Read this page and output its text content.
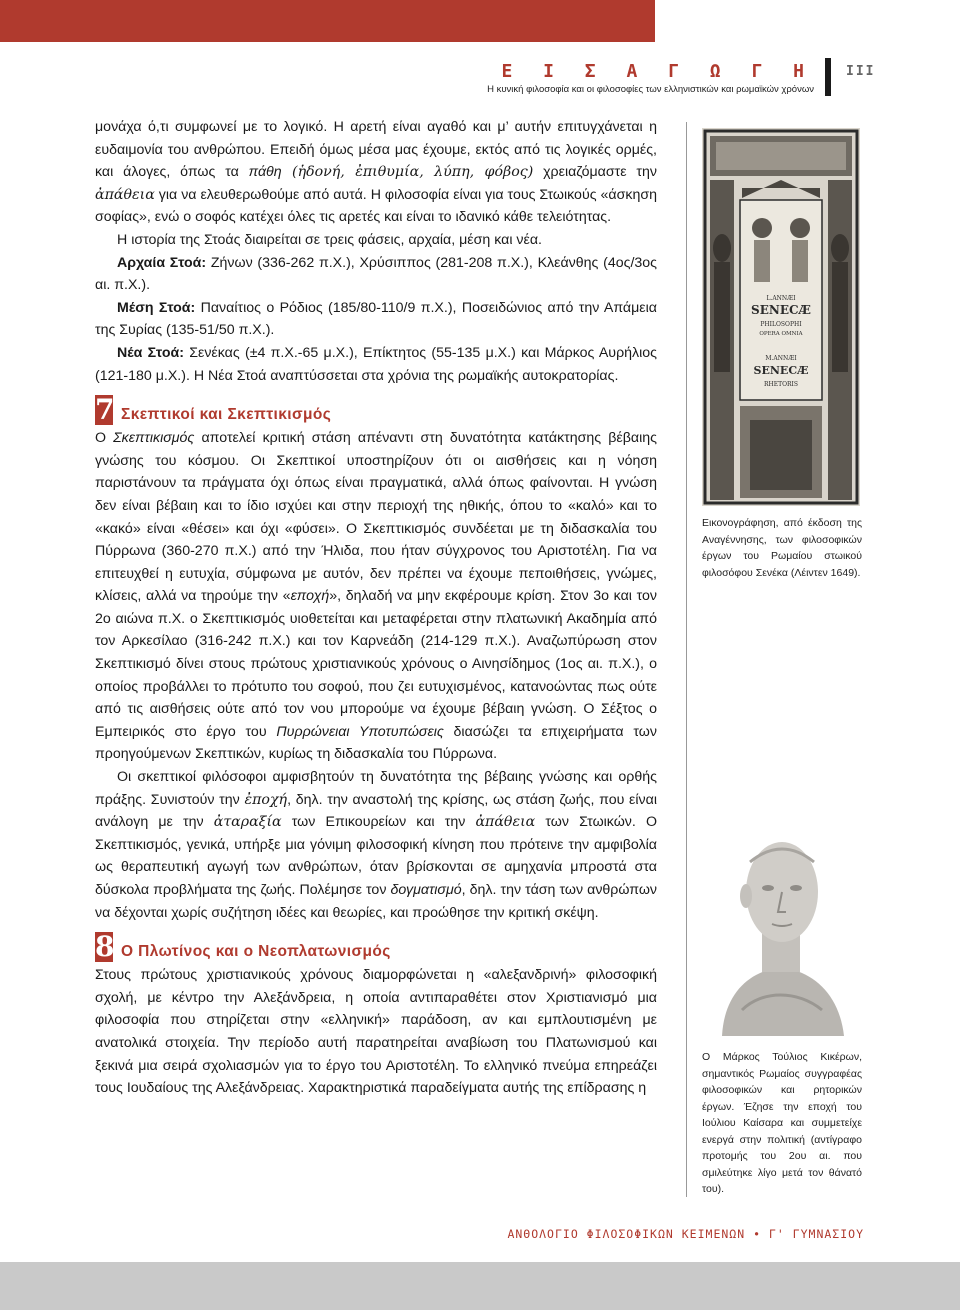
Ε Ι Σ Α Γ Ω Γ Η
Η κυνική φιλοσοφία και οι φιλοσοφίες των ελληνιστικών και ρωμαϊκών χρόνων
III

μονάχα ό,τι συμφωνεί με το λογικό. Η αρετή είναι αγαθό και μ’ αυτήν επιτυγχάνεται η ευδαιμονία του ανθρώπου. Επειδή όμως μέσα μας έχουμε, εκτός από τις λογικές ορμές, και άλογες, όπως τα πάθη (ἡδονή, ἐπιθυμία, λύπη, φόβος) χρειαζόμαστε την ἀπάθεια για να ελευθερωθούμε από αυτά. Η φιλοσοφία είναι για τους Στωικούς «άσκηση σοφίας», ενώ ο σοφός κατέχει όλες τις αρετές και είναι το ιδανικό κάθε τελειότητας.

Η ιστορία της Στοάς διαιρείται σε τρεις φάσεις, αρχαία, μέση και νέα.

Αρχαία Στοά: Ζήνων (336-262 π.Χ.), Χρύσιππος (281-208 π.Χ.), Κλεάνθης (4ος/3ος αι. π.Χ.).

Μέση Στοά: Παναίτιος ο Ρόδιος (185/80-110/9 π.Χ.), Ποσειδώνιος από την Απάμεια της Συρίας (135-51/50 π.Χ.).

Νέα Στοά: Σενέκας (±4 π.Χ.-65 μ.Χ.), Επίκτητος (55-135 μ.Χ.) και Μάρκος Αυρήλιος (121-180 μ.Χ.). Η Νέα Στοά αναπτύσσεται στα χρόνια της ρωμαϊκής αυτοκρατορίας.

7 Σκεπτικοί και Σκεπτικισμός

Ο Σκεπτικισμός αποτελεί κριτική στάση απέναντι στη δυνατότητα κατάκτησης βέβαιης γνώσης του κόσμου. Οι Σκεπτικοί υποστηρίζουν ότι οι αισθήσεις και η νόηση παριστάνουν τα πράγματα όχι όπως είναι πραγματικά, αλλά όπως φαίνονται. Η γνώση δεν είναι βέβαιη και το ίδιο ισχύει και στην περιοχή της ηθικής, όπου το «καλό» και το «κακό» είναι «θέσει» και όχι «φύσει». Ο Σκεπτικισμός συνδέεται με τη διδασκαλία του Πύρρωνα (360-270 π.Χ.) από την Ήλιδα, που ήταν σύγχρονος του Αριστοτέλη. Για να επιτευχθεί η ευτυχία, σύμφωνα με αυτόν, δεν πρέπει να έχουμε πεποιθήσεις, γνώμες, κλίσεις, αλλά να τηρούμε την «εποχή», δηλαδή να μην εκφέρουμε κρίση. Στον 3ο και τον 2ο αιώνα π.Χ. ο Σκεπτικισμός υιοθετείται και μεταφέρεται στην πλατωνική Ακαδημία από τον Αρκεσίλαο (316-242 π.Χ.) και τον Καρνεάδη (214-129 π.Χ.). Αναζωπύρωση στον Σκεπτικισμό δίνει στους πρώτους χριστιανικούς χρόνους ο Αινησίδημος (1ος αι. π.Χ.), ο οποίος προβάλλει το πρότυπο του σοφού, που ζει ευτυχισμένος, κατανοώντας πως ούτε από τις αισθήσεις ούτε από τον νου μπορούμε να έχουμε βέβαιη γνώση. Ο Σέξτος ο Εμπειρικός στο έργο του Πυρρώνειαι Υποτυπώσεις διασώζει τα επιχειρήματα των προηγούμενων Σκεπτικών, κυρίως τη διδασκαλία του Πύρρωνα.

Οι σκεπτικοί φιλόσοφοι αμφισβητούν τη δυνατότητα της βέβαιης γνώσης και ορθής πράξης. Συνιστούν την ἐποχή, δηλ. την αναστολή της κρίσης, ως στάση ζωής, που είναι ανάλογη με την ἀταραξία των Επικουρείων και την ἀπάθεια των Στωικών. Ο Σκεπτικισμός, γενικά, υπήρξε μια γόνιμη φιλοσοφική κίνηση που πρότεινε την αμφιβολία ως θεραπευτική αγωγή των ανθρώπων, όταν βρίσκονται σε αμηχανία μπροστά στα δύσκολα προβλήματα της ζωής. Πολέμησε τον δογματισμό, δηλ. την τάση των ανθρώπων να δέχονται χωρίς συζήτηση ιδέες και θεωρίες, και προώθησε την κριτική σκέψη.

8 Ο Πλωτίνος και ο Νεοπλατωνισμός

Στους πρώτους χριστιανικούς χρόνους διαμορφώνεται η «αλεξανδρινή» φιλοσοφική σχολή, με κέντρο την Αλεξάνδρεια, η οποία αντιπαραθέτει στον Χριστιανισμό μια φιλοσοφία που στηρίζεται στην «ελληνική» παράδοση, αν και εμπλουτισμένη με ανατολικά στοιχεία. Την περίοδο αυτή παρατηρείται αναβίωση του Πλατωνισμού και ξεκινά μια σειρά σχολιασμών για το έργο του Αριστοτέλη. Το ελληνικό πνεύμα επηρεάζει τους Ιουδαίους της Αλεξάνδρειας. Χαρακτηριστικά παραδείγματα αυτής της επίδρασης η

SENECÆ
L.ANNÆI
PHILOSOPHI
OPERA OMNIA
M.ANNÆI
SENECÆ
RHETORIS
Εικονογράφηση, από έκδοση της Αναγέννησης, των φιλοσοφικών έργων του Ρωμαίου στωικού φιλοσόφου Σενέκα (Λέιντεν 1649).
Ο Μάρκος Τούλιος Κικέρων, σημαντικός Ρωμαίος συγγραφέας φιλοσοφικών και ρητορικών έργων. Έζησε την εποχή του Ιούλιου Καίσαρα και συμμετείχε ενεργά στην πολιτική (αντίγραφο προτομής του 2ου αι. που σμιλεύτηκε λίγο μετά τον θάνατό του).
ΑΝΘΟΛΟΓΙΟ ΦΙΛΟΣΟΦΙΚΩΝ ΚΕΙΜΕΝΩΝ • Γ' ΓΥΜΝΑΣΙΟΥ
